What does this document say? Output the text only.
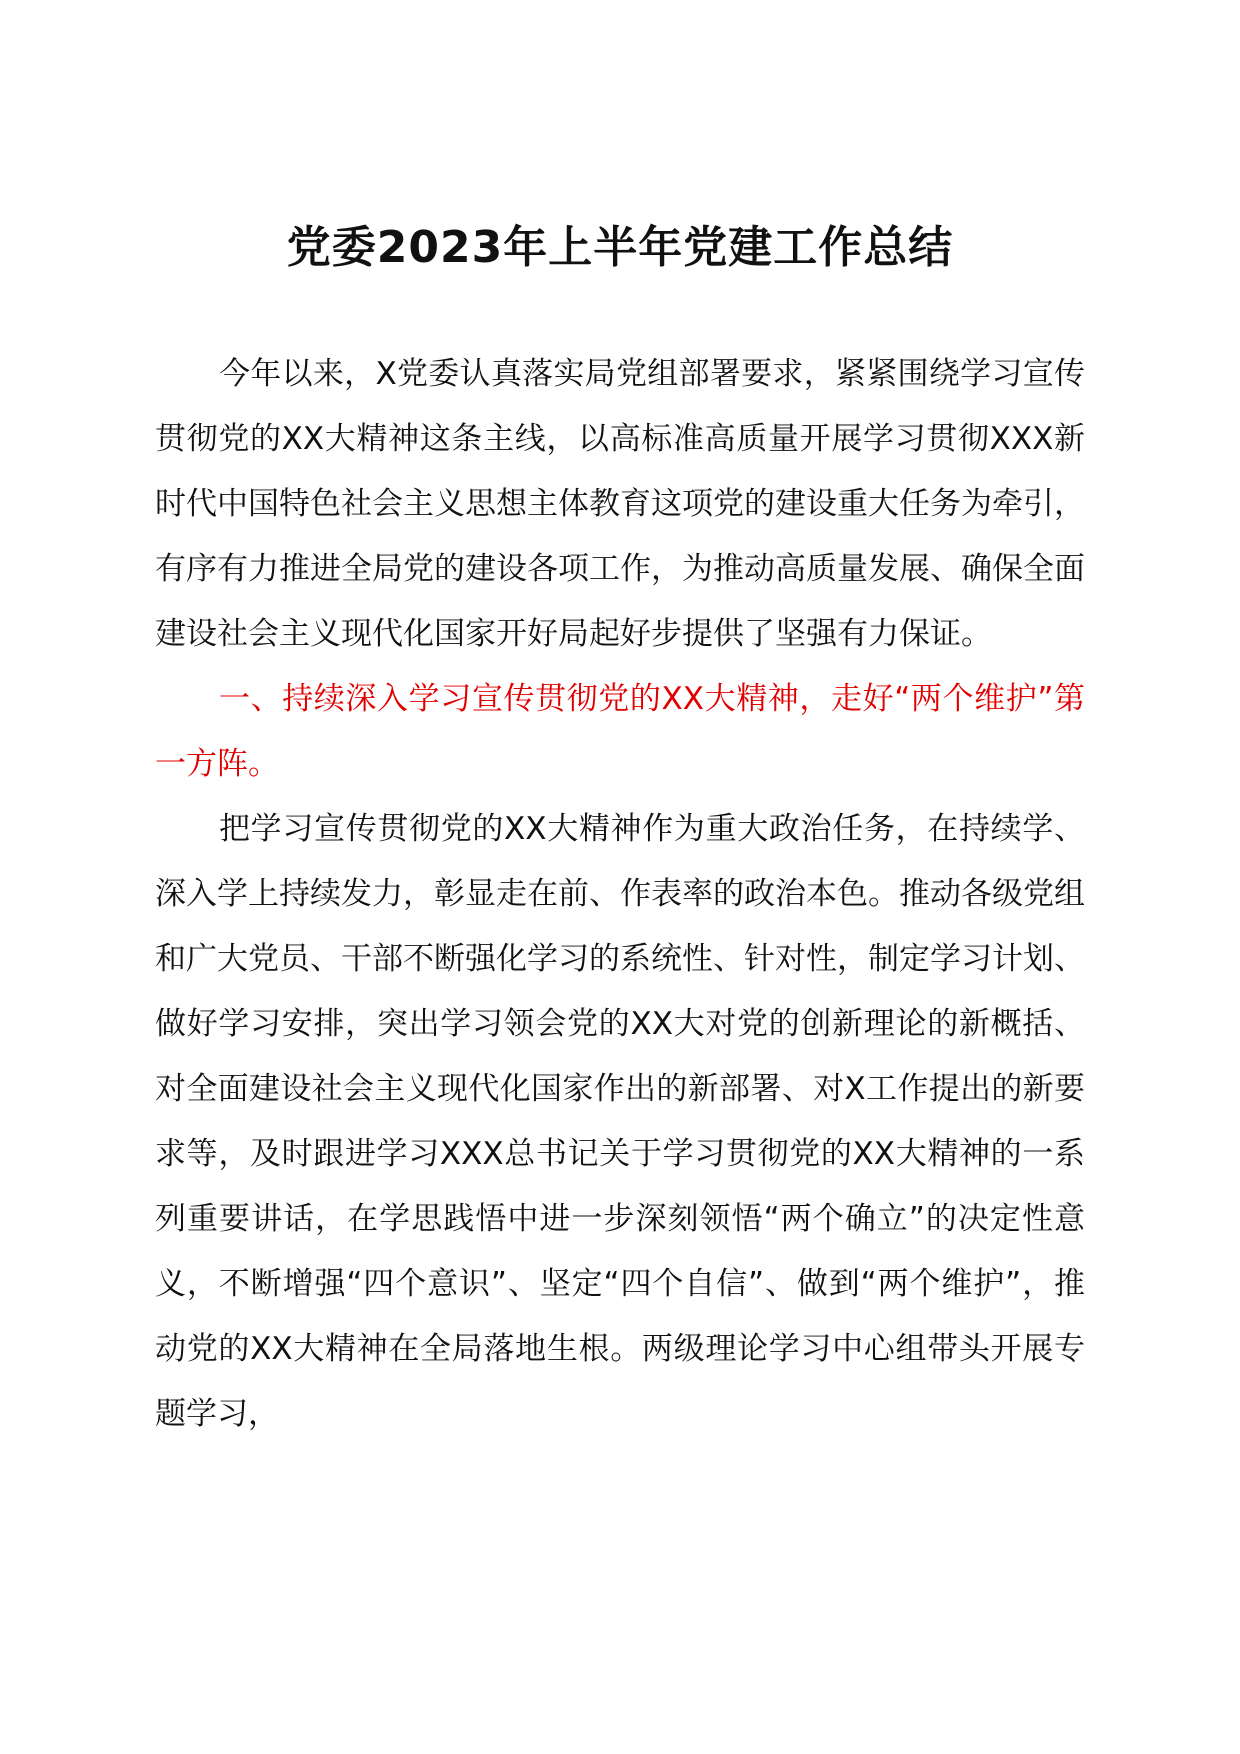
党委2023年上半年党建工作总结

今年以来，X党委认真落实局党组部署要求，紧紧围绕学习宣传贯彻党的XX大精神这条主线，以高标准高质量开展学习贯彻XXX新时代中国特色社会主义思想主体教育这项党的建设重大任务为牵引，有序有力推进全局党的建设各项工作，为推动高质量发展、确保全面建设社会主义现代化国家开好局起好步提供了坚强有力保证。

一、持续深入学习宣传贯彻党的XX大精神，走好“两个维护”第一方阵。

把学习宣传贯彻党的XX大精神作为重大政治任务，在持续学、深入学上持续发力，彰显走在前、作表率的政治本色。推动各级党组和广大党员、干部不断强化学习的系统性、针对性，制定学习计划、做好学习安排，突出学习领会党的XX大对党的创新理论的新概括、对全面建设社会主义现代化国家作出的新部署、对X工作提出的新要求等，及时跟进学习XXX总书记关于学习贯彻党的XX大精神的一系列重要讲话，在学思践悟中进一步深刻领悟“两个确立”的决定性意义，不断增强“四个意识”、坚定“四个自信”、做到“两个维护”，推动党的XX大精神在全局落地生根。两级理论学习中心组带头开展专题学习，
